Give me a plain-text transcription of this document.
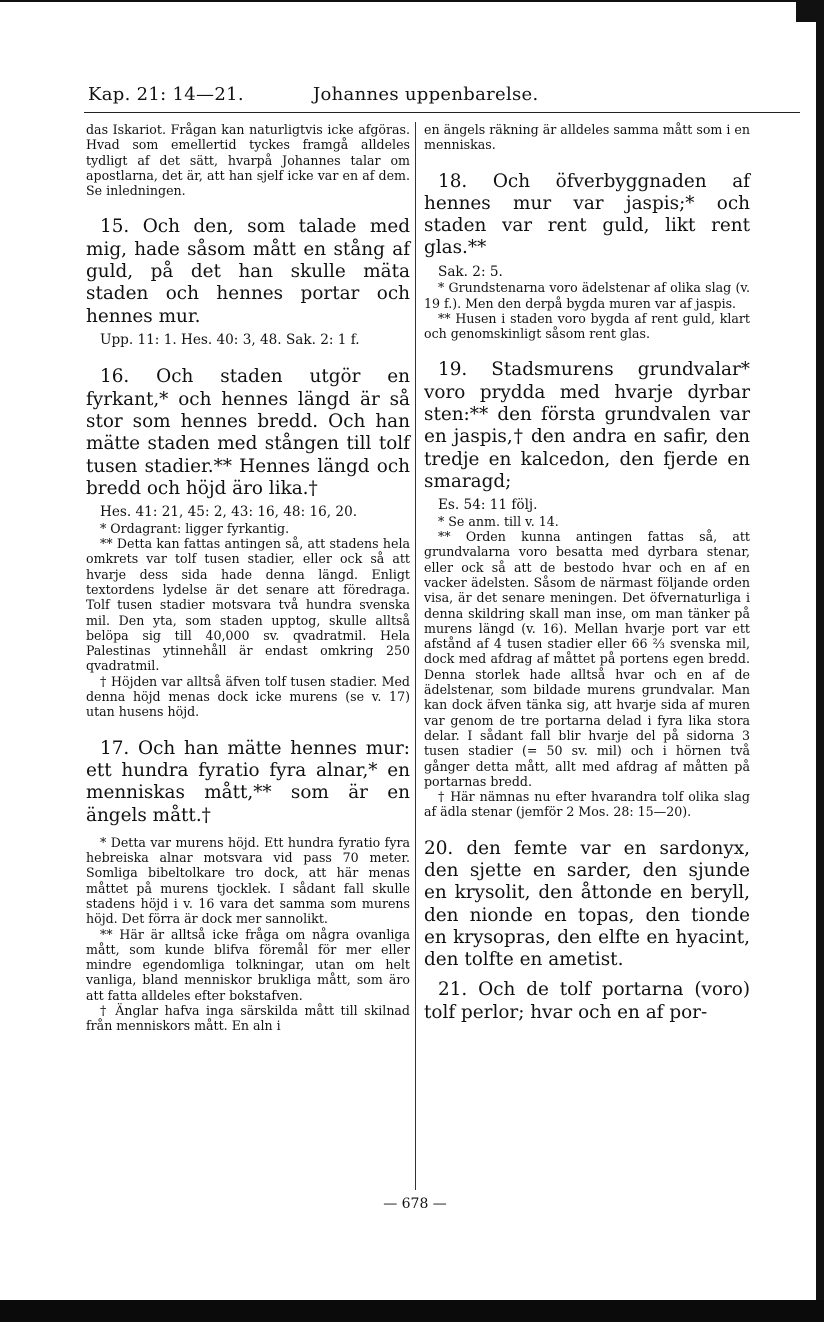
Kap. 21: 14—21.	Johannes uppenbarelse.

das Iskariot. Frågan kan naturligtvis icke afgöras. Hvad som emellertid tyckes framgå alldeles tydligt af det sätt, hvarpå Johannes talar om apostlarna, det är, att han sjelf icke var en af dem. Se inledningen.

15. Och den, som talade med mig, hade såsom mått en stång af guld, på det han skulle mäta staden och hennes portar och hennes mur.

Upp. 11: 1. Hes. 40: 3, 48. Sak. 2: 1 f.

16. Och staden utgör en fyrkant,* och hennes längd är så stor som hennes bredd. Och han mätte staden med stången till tolf tusen stadier.** Hennes längd och bredd och höjd äro lika.†

Hes. 41: 21, 45: 2, 43: 16, 48: 16, 20.

* Ordagrant: ligger fyrkantig.

** Detta kan fattas antingen så, att stadens hela omkrets var tolf tusen stadier, eller ock så att hvarje dess sida hade denna längd. Enligt textordens lydelse är det senare att föredraga. Tolf tusen stadier motsvara två hundra svenska mil. Den yta, som staden upptog, skulle alltså belöpa sig till 40,000 sv. qvadratmil. Hela Palestinas ytinnehåll är endast omkring 250 qvadratmil.

† Höjden var alltså äfven tolf tusen stadier. Med denna höjd menas dock icke murens (se v. 17) utan husens höjd.

17. Och han mätte hennes mur: ett hundra fyratio fyra alnar,* en menniskas mått,** som är en ängels mått.†

* Detta var murens höjd. Ett hundra fyratio fyra hebreiska alnar motsvara vid pass 70 meter. Somliga bibeltolkare tro dock, att här menas måttet på murens tjocklek. I sådant fall skulle stadens höjd i v. 16 vara det samma som murens höjd. Det förra är dock mer sannolikt.

** Här är alltså icke fråga om några ovanliga mått, som kunde blifva föremål för mer eller mindre egendomliga tolkningar, utan om helt vanliga, bland menniskor brukliga mått, som äro att fatta alldeles efter bokstafven.

† Änglar hafva inga särskilda mått till skilnad från menniskors mått. En aln i

en ängels räkning är alldeles samma mått som i en menniskas.

18. Och öfverbyggnaden af hennes mur var jaspis;* och staden var rent guld, likt rent glas.**

Sak. 2: 5.

* Grundstenarna voro ädelstenar af olika slag (v. 19 f.). Men den derpå bygda muren var af jaspis.

** Husen i staden voro bygda af rent guld, klart och genomskinligt såsom rent glas.

19. Stadsmurens grundvalar* voro prydda med hvarje dyrbar sten:** den första grundvalen var en jaspis,† den andra en safir, den tredje en kalcedon, den fjerde en smaragd;

Es. 54: 11 följ.

* Se anm. till v. 14.

** Orden kunna antingen fattas så, att grundvalarna voro besatta med dyrbara stenar, eller ock så att de bestodo hvar och en af en vacker ädelsten. Såsom de närmast följande orden visa, är det senare meningen. Det öfvernaturliga i denna skildring skall man inse, om man tänker på murens längd (v. 16). Mellan hvarje port var ett afstånd af 4 tusen stadier eller 66 ⅔ svenska mil, dock med afdrag af måttet på portens egen bredd. Denna storlek hade alltså hvar och en af de ädelstenar, som bildade murens grundvalar. Man kan dock äfven tänka sig, att hvarje sida af muren var genom de tre portarna delad i fyra lika stora delar. I sådant fall blir hvarje del på sidorna 3 tusen stadier (= 50 sv. mil) och i hörnen två gånger detta mått, allt med afdrag af måtten på portarnas bredd.

† Här nämnas nu efter hvarandra tolf olika slag af ädla stenar (jemför 2 Mos. 28: 15—20).

20. den femte var en sardonyx, den sjette en sarder, den sjunde en krysolit, den åttonde en beryll, den nionde en topas, den tionde en krysopras, den elfte en hyacint, den tolfte en ametist.

21. Och de tolf portarna (voro) tolf perlor; hvar och en af por-

— 678 —
